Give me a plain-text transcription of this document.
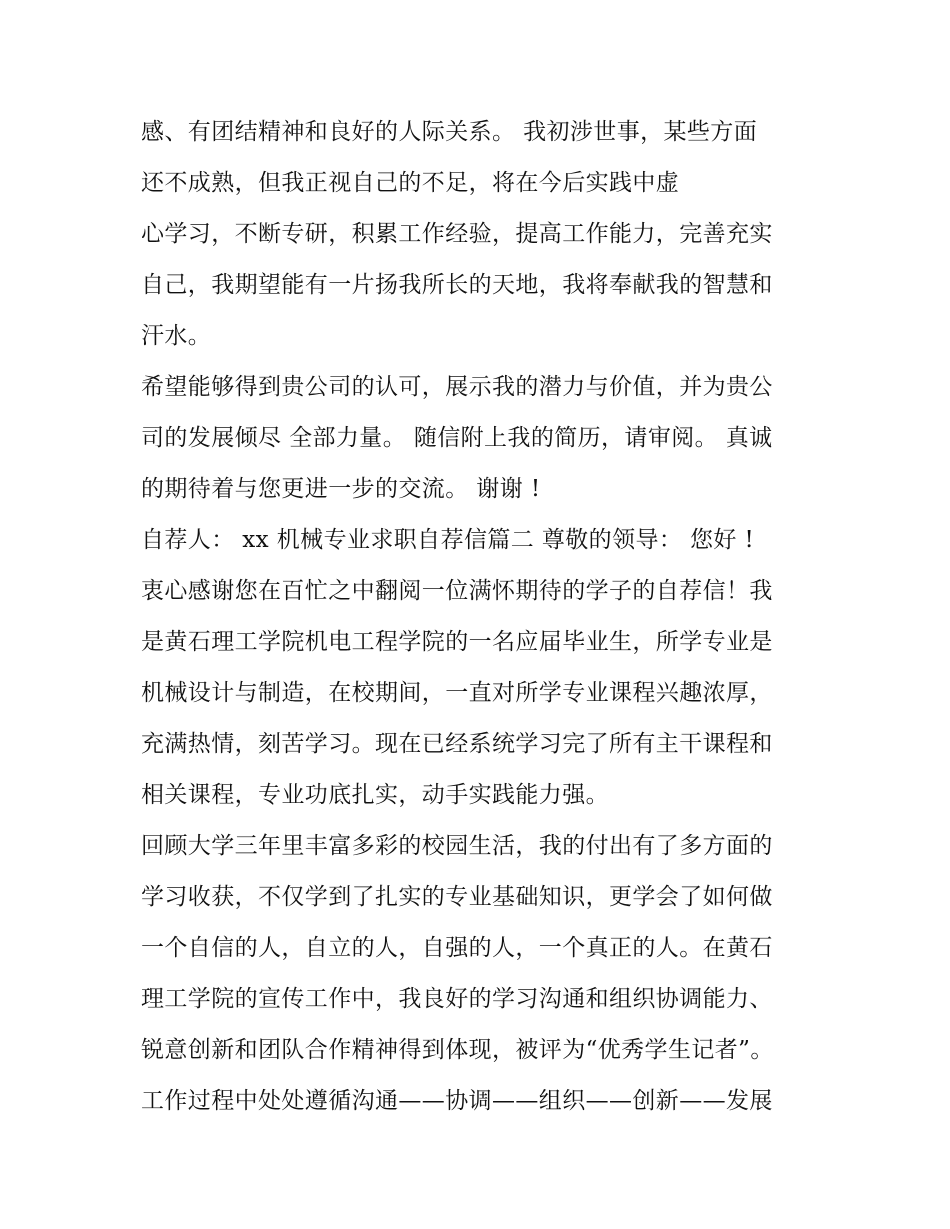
感、有团结精神和良好的人际关系。 我初涉世事，某些方面
还不成熟，但我正视自己的不足，将在今后实践中虚
心学习，不断专研，积累工作经验，提高工作能力，完善充实
自己，我期望能有一片扬我所长的天地，我将奉献我的智慧和
汗水。
希望能够得到贵公司的认可，展示我的潜力与价值，并为贵公
司的发展倾尽 全部力量。 随信附上我的简历，请审阅。 真诚
的期待着与您更进一步的交流。 谢谢 !
自荐人： xx 机械专业求职自荐信篇二 尊敬的领导： 您好 !
衷心感谢您在百忙之中翻阅一位满怀期待的学子的自荐信！我
是黄石理工学院机电工程学院的一名应届毕业生，所学专业是
机械设计与制造，在校期间，一直对所学专业课程兴趣浓厚，
充满热情，刻苦学习。现在已经系统学习完了所有主干课程和
相关课程，专业功底扎实，动手实践能力强。
回顾大学三年里丰富多彩的校园生活，我的付出有了多方面的
学习收获，不仅学到了扎实的专业基础知识，更学会了如何做
一个自信的人，自立的人，自强的人，一个真正的人。在黄石
理工学院的宣传工作中，我良好的学习沟通和组织协调能力、
锐意创新和团队合作精神得到体现，被评为“优秀学生记者”。
工作过程中处处遵循沟通——协调——组织——创新——发展
